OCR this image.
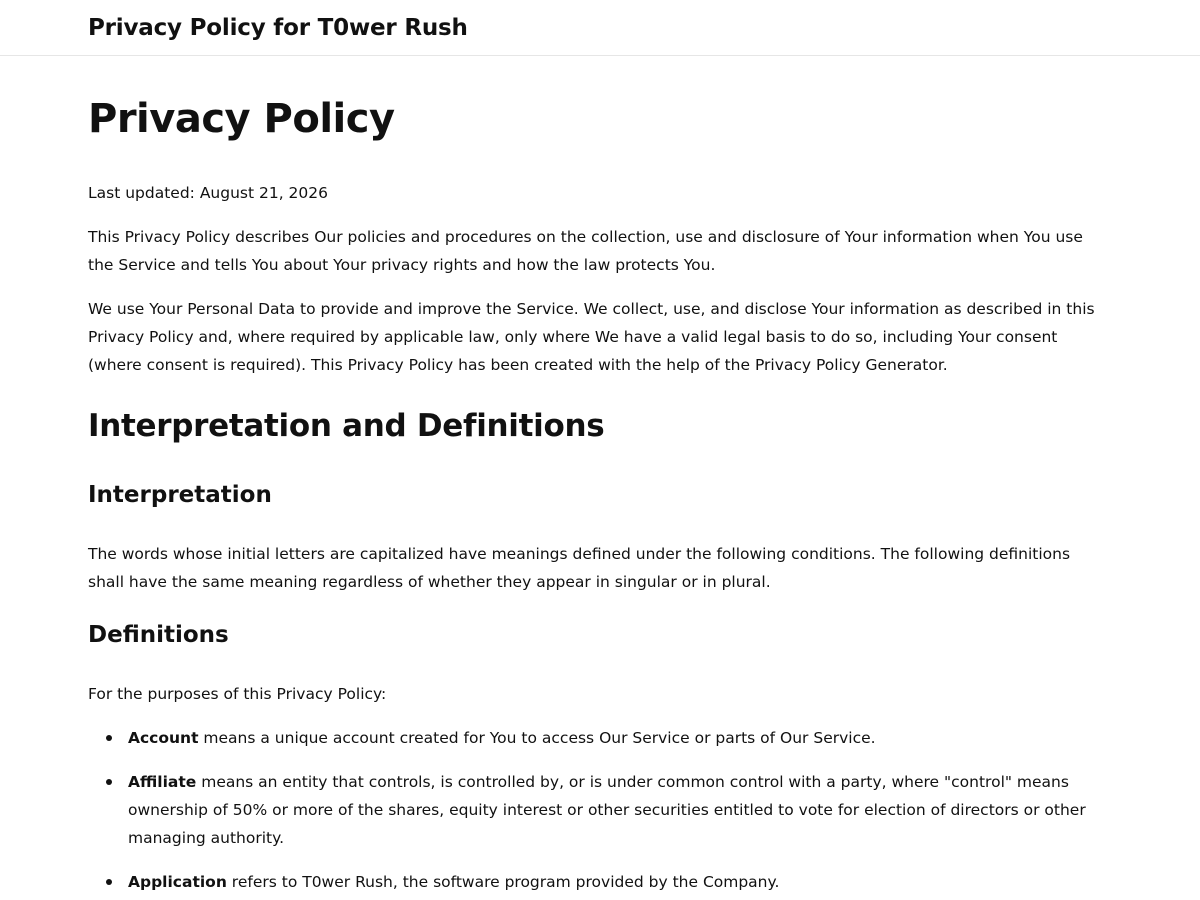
Privacy Policy for T0wer Rush
Privacy Policy

Last updated: August 21, 2026

This Privacy Policy describes Our policies and procedures on the collection, use and disclosure of Your information when You use the Service and tells You about Your privacy rights and how the law protects You.

We use Your Personal Data to provide and improve the Service. We collect, use, and disclose Your information as described in this Privacy Policy and, where required by applicable law, only where We have a valid legal basis to do so, including Your consent (where consent is required). This Privacy Policy has been created with the help of the Privacy Policy Generator.

Interpretation and Definitions
Interpretation

The words whose initial letters are capitalized have meanings defined under the following conditions. The following definitions shall have the same meaning regardless of whether they appear in singular or in plural.

Definitions

For the purposes of this Privacy Policy:

Account means a unique account created for You to access Our Service or parts of Our Service.
Affiliate means an entity that controls, is controlled by, or is under common control with a party, where "control" means ownership of 50% or more of the shares, equity interest or other securities entitled to vote for election of directors or other managing authority.
Application refers to T0wer Rush, the software program provided by the Company.
